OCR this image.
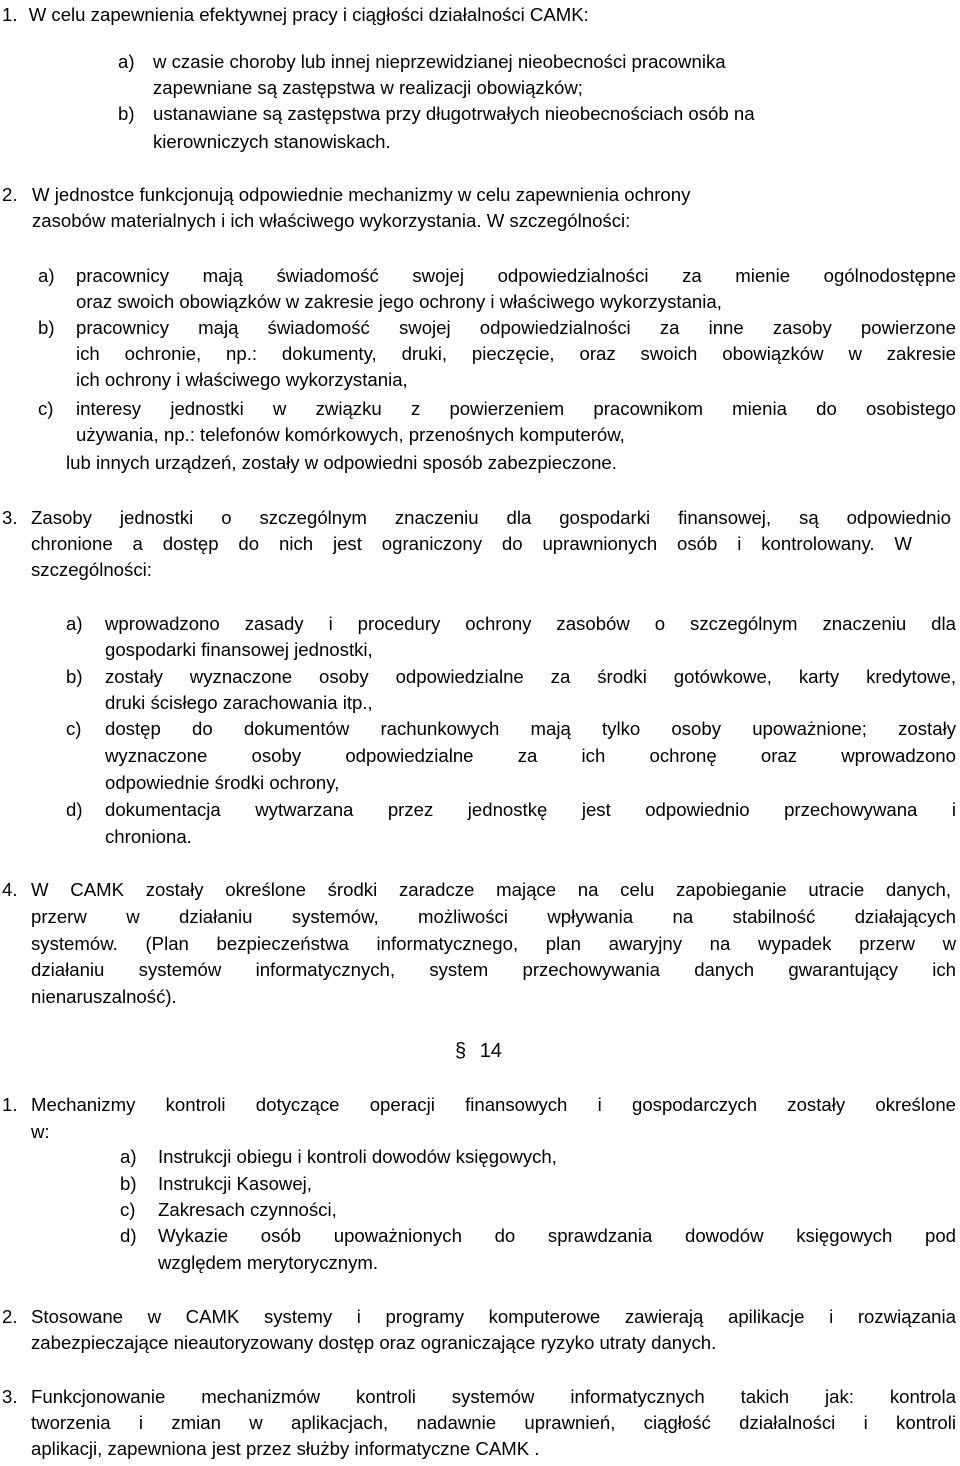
1. W celu zapewnienia efektywnej pracy i ciągłości działalności CAMK:
a) w czasie choroby lub innej nieprzewidzianej nieobecności pracownika
zapewniane są zastępstwa w realizacji obowiązków;
b) ustanawiane są zastępstwa przy długotrwałych nieobecnościach osób na
kierowniczych stanowiskach.
2. W jednostce funkcjonują odpowiednie mechanizmy w celu zapewnienia ochrony
zasobów materialnych i ich właściwego wykorzystania. W szczególności:
a) pracownicy mają świadomość swojej odpowiedzialności za mienie ogólnodostępne
oraz swoich obowiązków w zakresie jego ochrony i właściwego wykorzystania,
b) pracownicy mają świadomość swojej odpowiedzialności za inne zasoby powierzone
ich ochronie, np.: dokumenty, druki, pieczęcie, oraz swoich obowiązków w zakresie
ich ochrony i właściwego wykorzystania,
c) interesy jednostki w związku z powierzeniem pracownikom mienia do osobistego
używania, np.: telefonów komórkowych, przenośnych komputerów,
lub innych urządzeń, zostały w odpowiedni sposób zabezpieczone.
3. Zasoby jednostki o szczególnym znaczeniu dla gospodarki finansowej, są odpowiednio
chronione a dostęp do nich jest ograniczony do uprawnionych osób i kontrolowany. W
szczególności:
a) wprowadzono zasady i procedury ochrony zasobów o szczególnym znaczeniu dla
gospodarki finansowej jednostki,
b) zostały wyznaczone osoby odpowiedzialne za środki gotówkowe, karty kredytowe,
druki ścisłego zarachowania itp.,
c) dostęp do dokumentów rachunkowych mają tylko osoby upoważnione; zostały
wyznaczone osoby odpowiedzialne za ich ochronę oraz wprowadzono
odpowiednie środki ochrony,
d) dokumentacja wytwarzana przez jednostkę jest odpowiednio przechowywana i
chroniona.
4. W CAMK zostały określone środki zaradcze mające na celu zapobieganie utracie danych,
przerw w działaniu systemów, możliwości wpływania na stabilność działających
systemów. (Plan bezpieczeństwa informatycznego, plan awaryjny na wypadek przerw w
działaniu systemów informatycznych, system przechowywania danych gwarantujący ich
nienaruszalność).
§ 14
1. Mechanizmy kontroli dotyczące operacji finansowych i gospodarczych zostały określone
w:
a) Instrukcji obiegu i kontroli dowodów księgowych,
b) Instrukcji Kasowej,
c) Zakresach czynności,
d) Wykazie osób upoważnionych do sprawdzania dowodów księgowych pod
względem merytorycznym.
2. Stosowane w CAMK systemy i programy komputerowe zawierają apilikacje i rozwiązania
zabezpieczające nieautoryzowany dostęp oraz ograniczające ryzyko utraty danych.
3. Funkcjonowanie mechanizmów kontroli systemów informatycznych takich jak: kontrola
tworzenia i zmian w aplikacjach, nadawnie uprawnień, ciągłość działalności i kontroli
aplikacji, zapewniona jest przez służby informatyczne CAMK .
